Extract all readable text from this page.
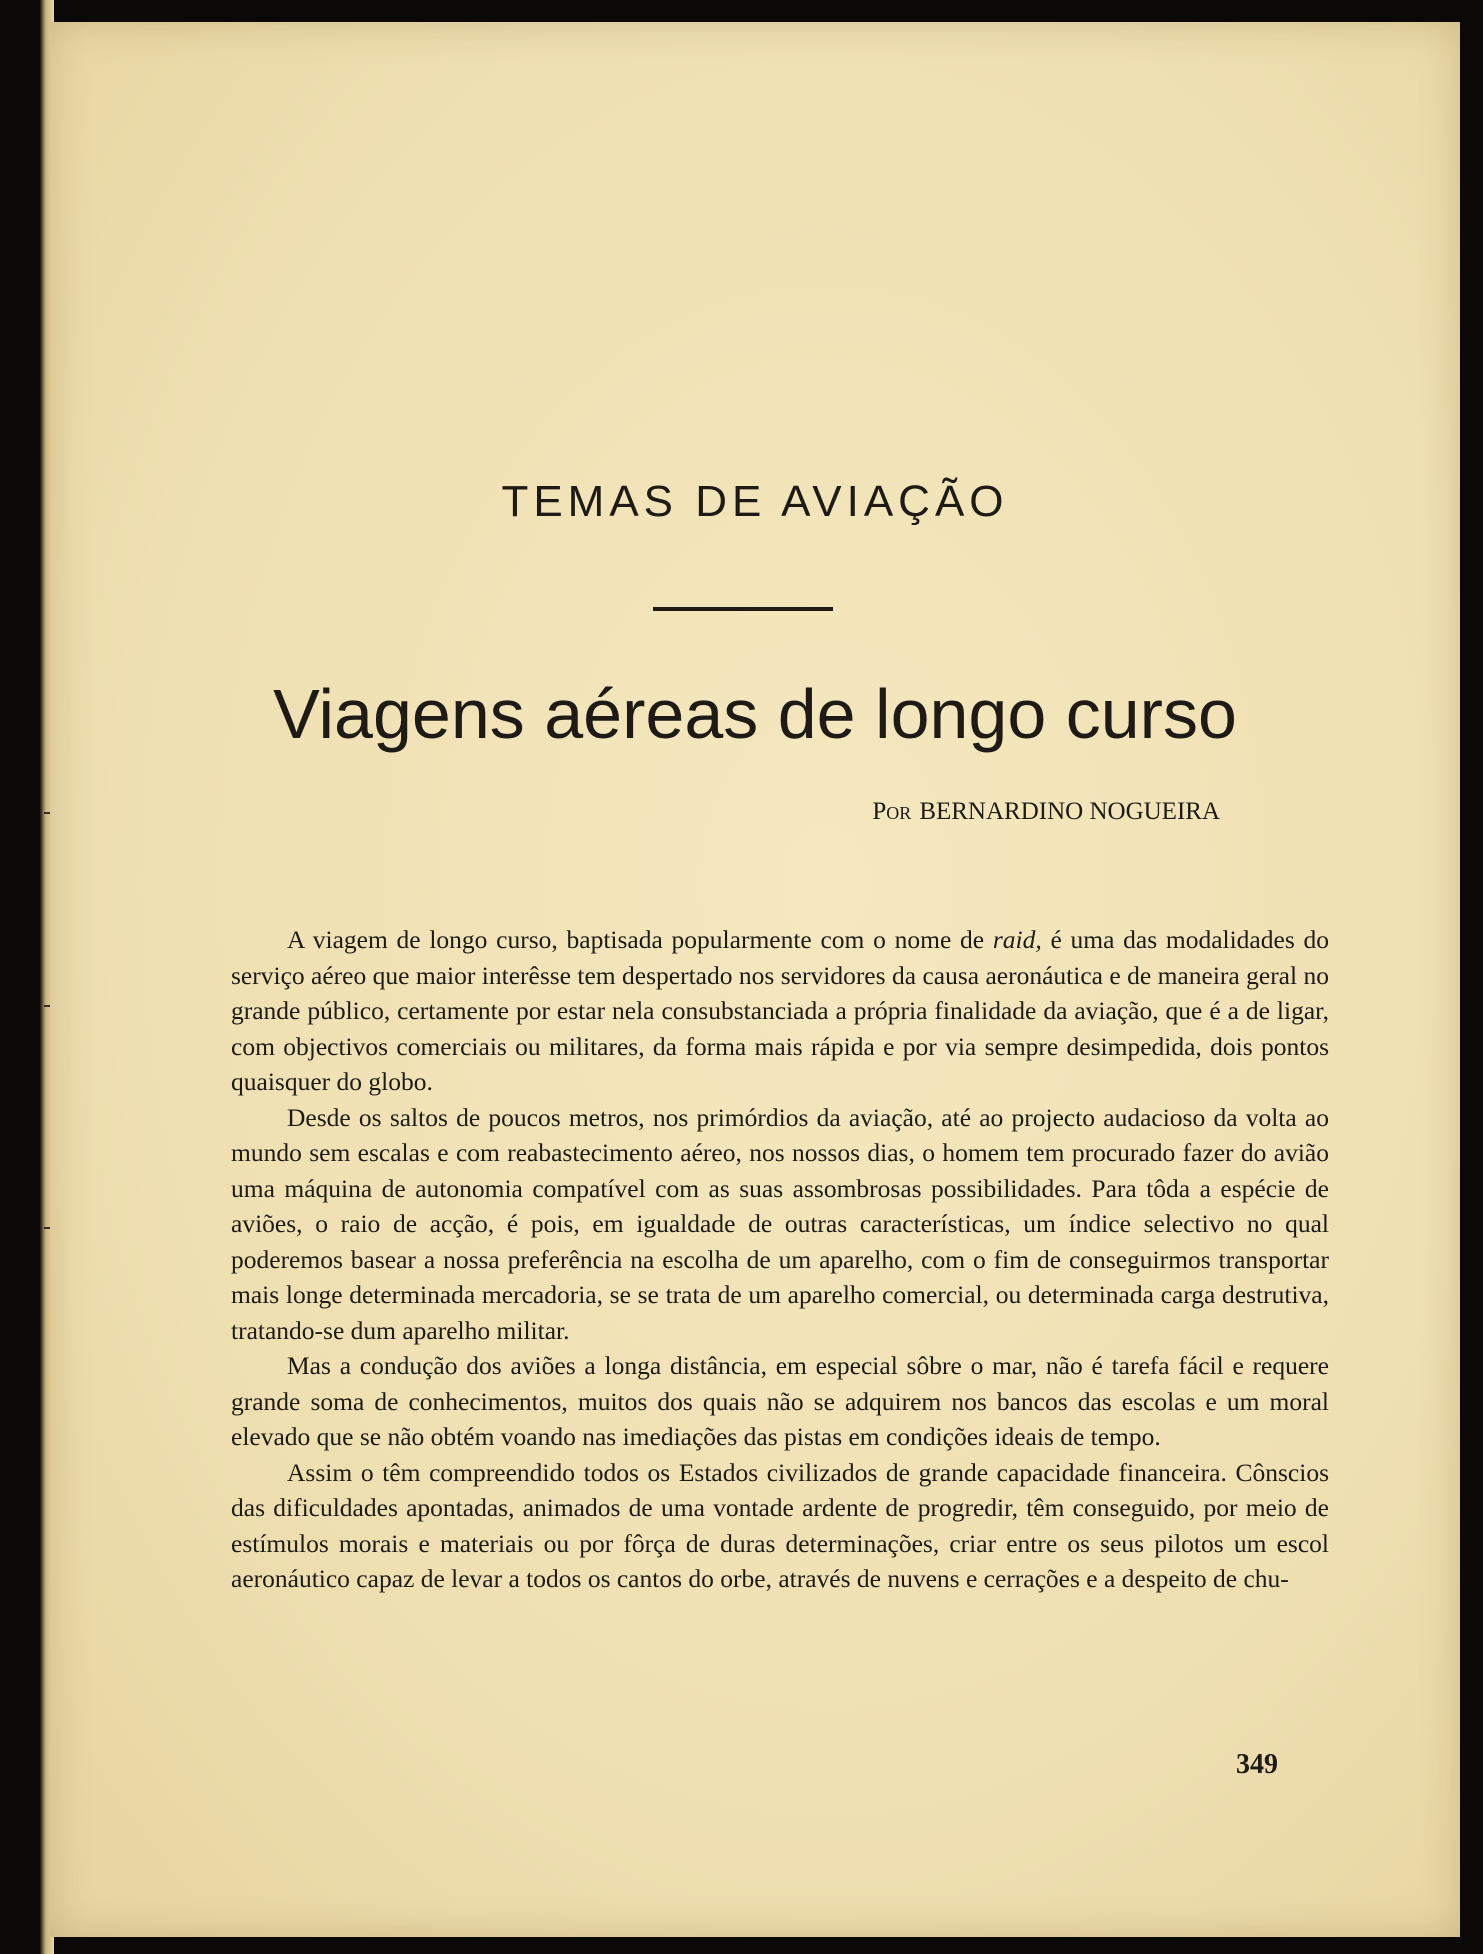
TEMAS DE AVIAÇÃO
Viagens aéreas de longo curso
Por BERNARDINO NOGUEIRA

A viagem de longo curso, baptisada popularmente com o nome de raid, é uma das modalidades do serviço aéreo que maior interêsse tem despertado nos servidores da causa aeronáutica e de maneira geral no grande público, certamente por estar nela consubstanciada a própria finalidade da aviação, que é a de ligar, com objectivos comerciais ou militares, da forma mais rápida e por via sempre desimpedida, dois pontos quaisquer do globo.

Desde os saltos de poucos metros, nos primórdios da aviação, até ao projecto audacioso da volta ao mundo sem escalas e com reabastecimento aéreo, nos nossos dias, o homem tem procurado fazer do avião uma máquina de autonomia compatível com as suas assombrosas possibilidades. Para tôda a espécie de aviões, o raio de acção, é pois, em igualdade de outras características, um índice selectivo no qual poderemos basear a nossa preferência na escolha de um aparelho, com o fim de conseguirmos transportar mais longe determinada mercadoria, se se trata de um aparelho comercial, ou determinada carga destrutiva, tratando-se dum aparelho militar.

Mas a condução dos aviões a longa distância, em especial sôbre o mar, não é tarefa fácil e requere grande soma de conhecimentos, muitos dos quais não se adquirem nos bancos das escolas e um moral elevado que se não obtém voando nas imediações das pistas em condições ideais de tempo.

Assim o têm compreendido todos os Estados civilizados de grande capacidade financeira. Cônscios das dificuldades apontadas, animados de uma vontade ardente de progredir, têm conseguido, por meio de estímulos morais e materiais ou por fôrça de duras determinações, criar entre os seus pilotos um escol aeronáutico capaz de levar a todos os cantos do orbe, através de nuvens e cerrações e a despeito de chu-

349
